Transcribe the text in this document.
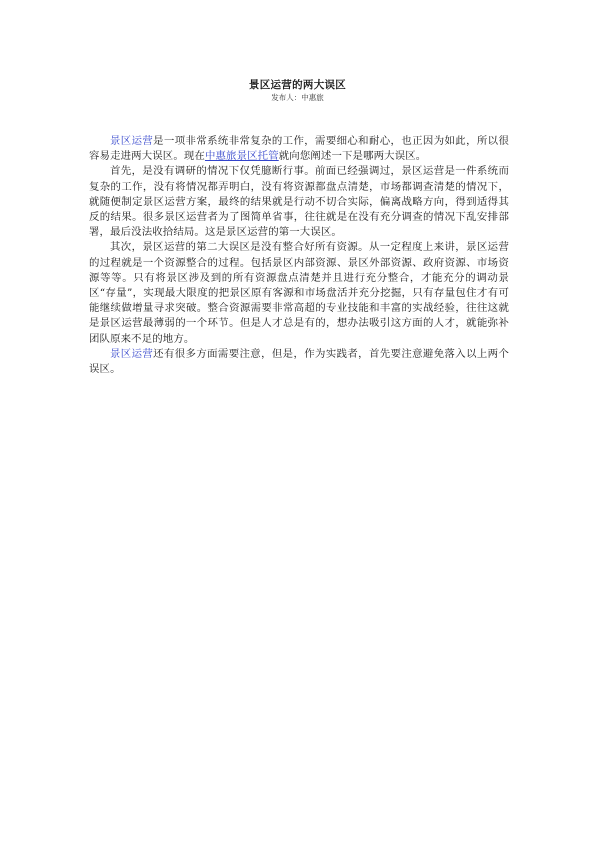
景区运营的两大误区
发布人：中惠旅

景区运营是一项非常系统非常复杂的工作，需要细心和耐心，也正因为如此，所以很容易走进两大误区。现在中惠旅景区托管就向您阐述一下是哪两大误区。

首先，是没有调研的情况下仅凭臆断行事。前面已经强调过，景区运营是一件系统而复杂的工作，没有将情况都弄明白，没有将资源都盘点清楚，市场都调查清楚的情况下，就随便制定景区运营方案，最终的结果就是行动不切合实际，偏离战略方向，得到适得其反的结果。很多景区运营者为了图简单省事，往往就是在没有充分调查的情况下乱安排部署，最后没法收拾结局。这是景区运营的第一大误区。

其次，景区运营的第二大误区是没有整合好所有资源。从一定程度上来讲，景区运营的过程就是一个资源整合的过程。包括景区内部资源、景区外部资源、政府资源、市场资源等等。只有将景区涉及到的所有资源盘点清楚并且进行充分整合，才能充分的调动景区“存量”，实现最大限度的把景区原有客源和市场盘活并充分挖掘，只有存量包住才有可能继续做增量寻求突破。整合资源需要非常高超的专业技能和丰富的实战经验，往往这就是景区运营最薄弱的一个环节。但是人才总是有的，想办法吸引这方面的人才，就能弥补团队原来不足的地方。

景区运营还有很多方面需要注意，但是，作为实践者，首先要注意避免落入以上两个误区。
